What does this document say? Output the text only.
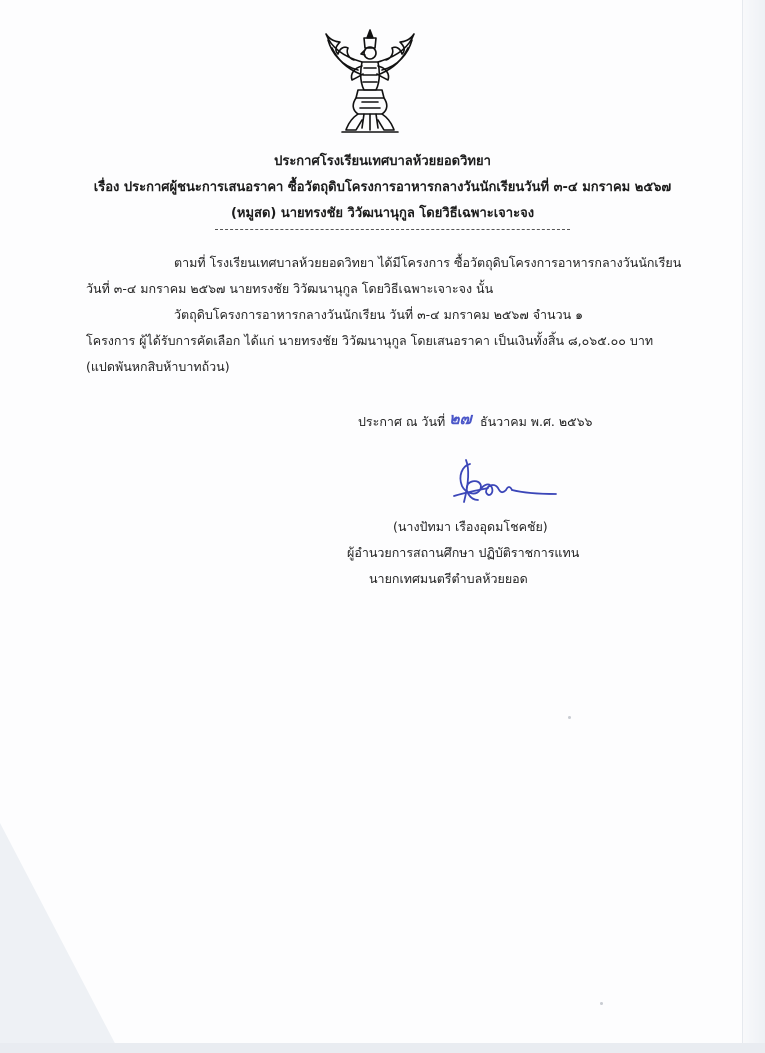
ประกาศโรงเรียนเทศบาลห้วยยอดวิทยา
เรื่อง ประกาศผู้ชนะการเสนอราคา ซื้อวัตถุดิบโครงการอาหารกลางวันนักเรียนวันที่ ๓-๔ มกราคม ๒๕๖๗
(หมูสด) นายทรงชัย วิวัฒนานุกูล โดยวิธีเฉพาะเจาะจง
ตามที่ โรงเรียนเทศบาลห้วยยอดวิทยา ได้มีโครงการ ซื้อวัตถุดิบโครงการอาหารกลางวันนักเรียน
วันที่ ๓-๔ มกราคม ๒๕๖๗ นายทรงชัย วิวัฒนานุกูล โดยวิธีเฉพาะเจาะจง นั้น
วัตถุดิบโครงการอาหารกลางวันนักเรียน วันที่ ๓-๔ มกราคม ๒๕๖๗ จำนวน ๑
โครงการ ผู้ได้รับการคัดเลือก ได้แก่ นายทรงชัย วิวัฒนานุกูล โดยเสนอราคา เป็นเงินทั้งสิ้น ๘,๐๖๕.๐๐ บาท
(แปดพันหกสิบห้าบาทถ้วน)
ประกาศ ณ วันที่ ๒๗ ธันวาคม พ.ศ. ๒๕๖๖
(นางปัทมา เรืองอุดมโชคชัย)
ผู้อำนวยการสถานศึกษา ปฏิบัติราชการแทน
นายกเทศมนตรีตำบลห้วยยอด
